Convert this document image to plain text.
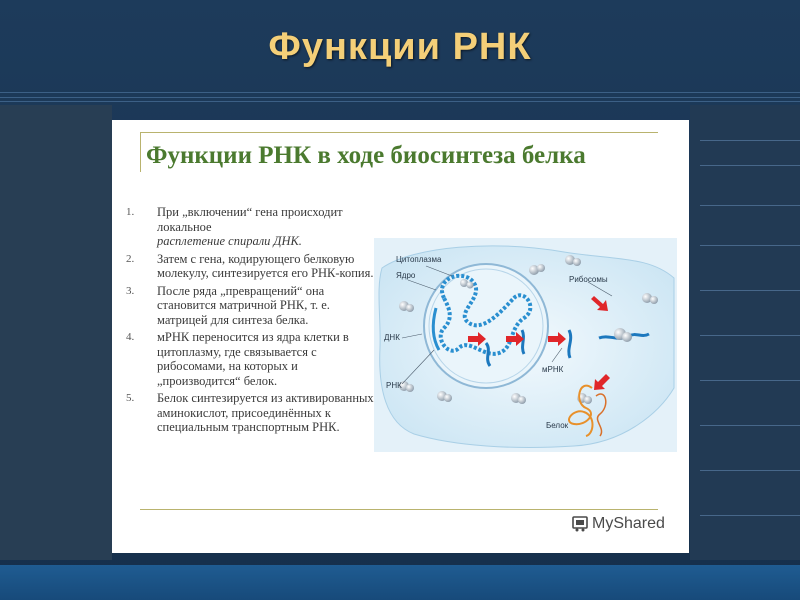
Функции РНК
Функции РНК в ходе биосинтеза белка
1. При „включении“ гена происходит локальное
расплетение спирали ДНК.
2. Затем с гена, кодирующего белковую молекулу, синтезируется его РНК-копия.
3. После ряда „превращений“ она становится матричной РНК, т. е. матрицей для синтеза белка.
4. мРНК переносится из ядра клетки в цитоплазму, где связывается с рибосомами, на которых и „производится“ белок.
5. Белок синтезируется из активированных аминокислот, присоединённых к специальным транспортным РНК.
Цитоплазма
Ядро	Рибосомы
ДНК
РНК
мРНК
Белок
MyShared
